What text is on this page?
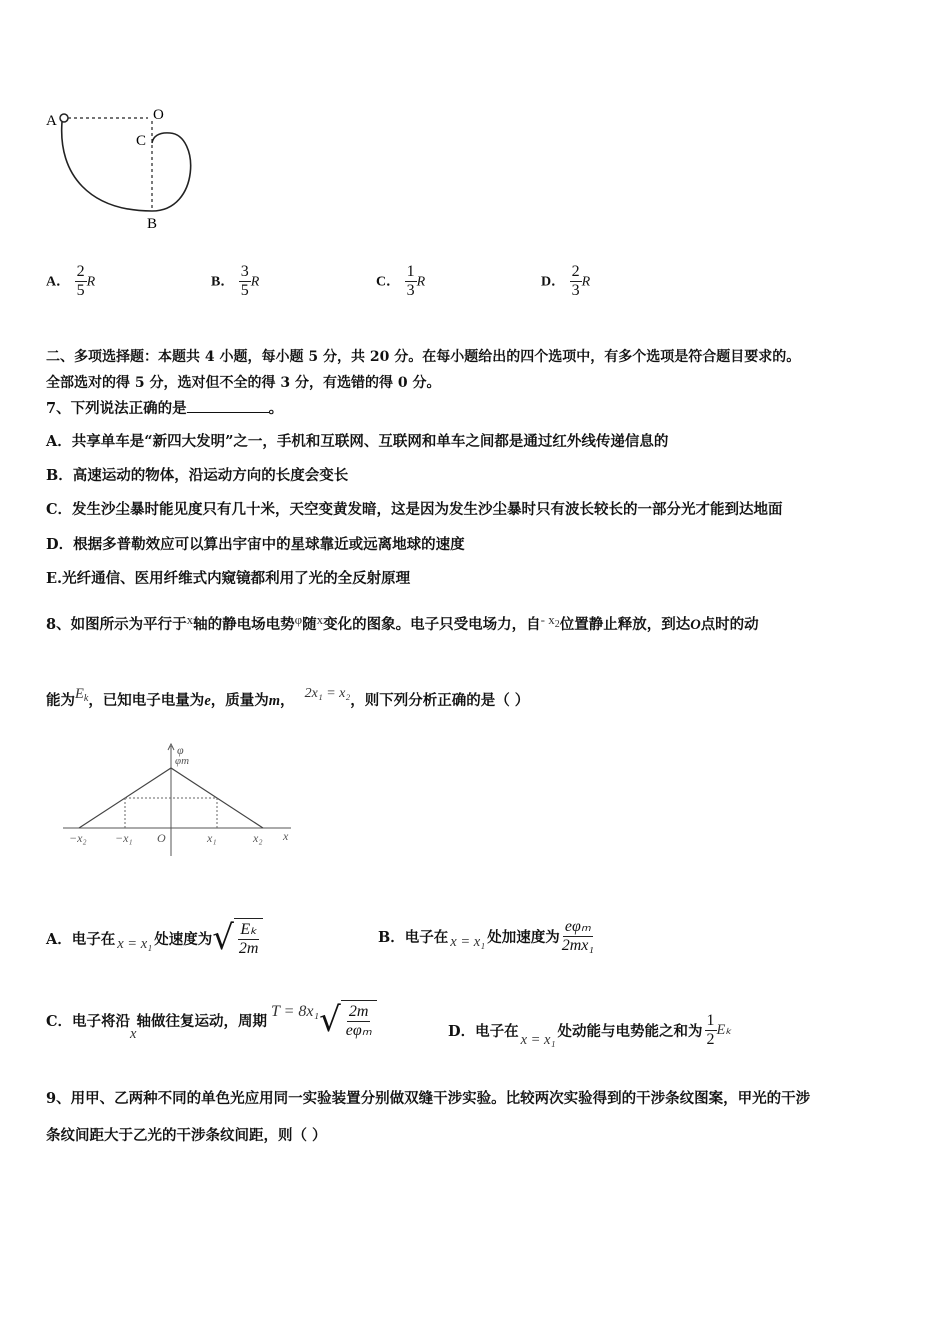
A	O
C
B
A． $\frac{2}{5}$ R	B． $\frac{3}{5}$ R	C． $\frac{1}{3}$ R	D． $\frac{2}{3}$ R
二、多项选择题：本题共 4 小题，每小题 5 分，共 20 分。在每小题给出的四个选项中，有多个选项是符合题目要求的。
全部选对的得 5 分，选对但不全的得 3 分，有选错的得 0 分。
7、下列说法正确的是	。
A．共享单车是“新四大发明”之一，手机和互联网、互联网和单车之间都是通过红外线传递信息的
B．高速运动的物体，沿运动方向的长度会变长
C．发生沙尘暴时能见度只有几十米，天空变黄发暗，这是因为发生沙尘暴时只有波长较长的一部分光才能到达地面
D．根据多普勒效应可以算出宇宙中的星球靠近或远离地球的速度
E.光纤通信、医用纤维式内窥镜都利用了光的全反射原理
8、如图所示为平行于x轴的静电场电势φ随x变化的图象。电子只受电场力，自- $x_2$位置静止释放，到达O点时的动
能为$E_k$，已知电子电量为e，质量为m， 2x₁ = x₂，则下列分析正确的是（ ）
−x₂ −x₁ O	x₁	x₂ x
φ
φm
A．电子在 x = x₁ 处速度为 √ $\frac{\text{Eₖ}}{2m}$	B．电子在 x = x₁ 处加速度为 $\frac{\text{eφₘ}}{\text{2mx₁}}$
C．电子将沿
x
轴做往复运动，周期
T = 8x₁ √ $\frac{2m}{\text{eφₘ}}$	D．电子在 x = x₁ 处动能与电势能之和为 $\frac{1}{2}$ Eₖ
9、用甲、乙两种不同的单色光应用同一实验装置分别做双缝干涉实验。比较两次实验得到的干涉条纹图案，甲光的干涉
条纹间距大于乙光的干涉条纹间距，则（ ）
